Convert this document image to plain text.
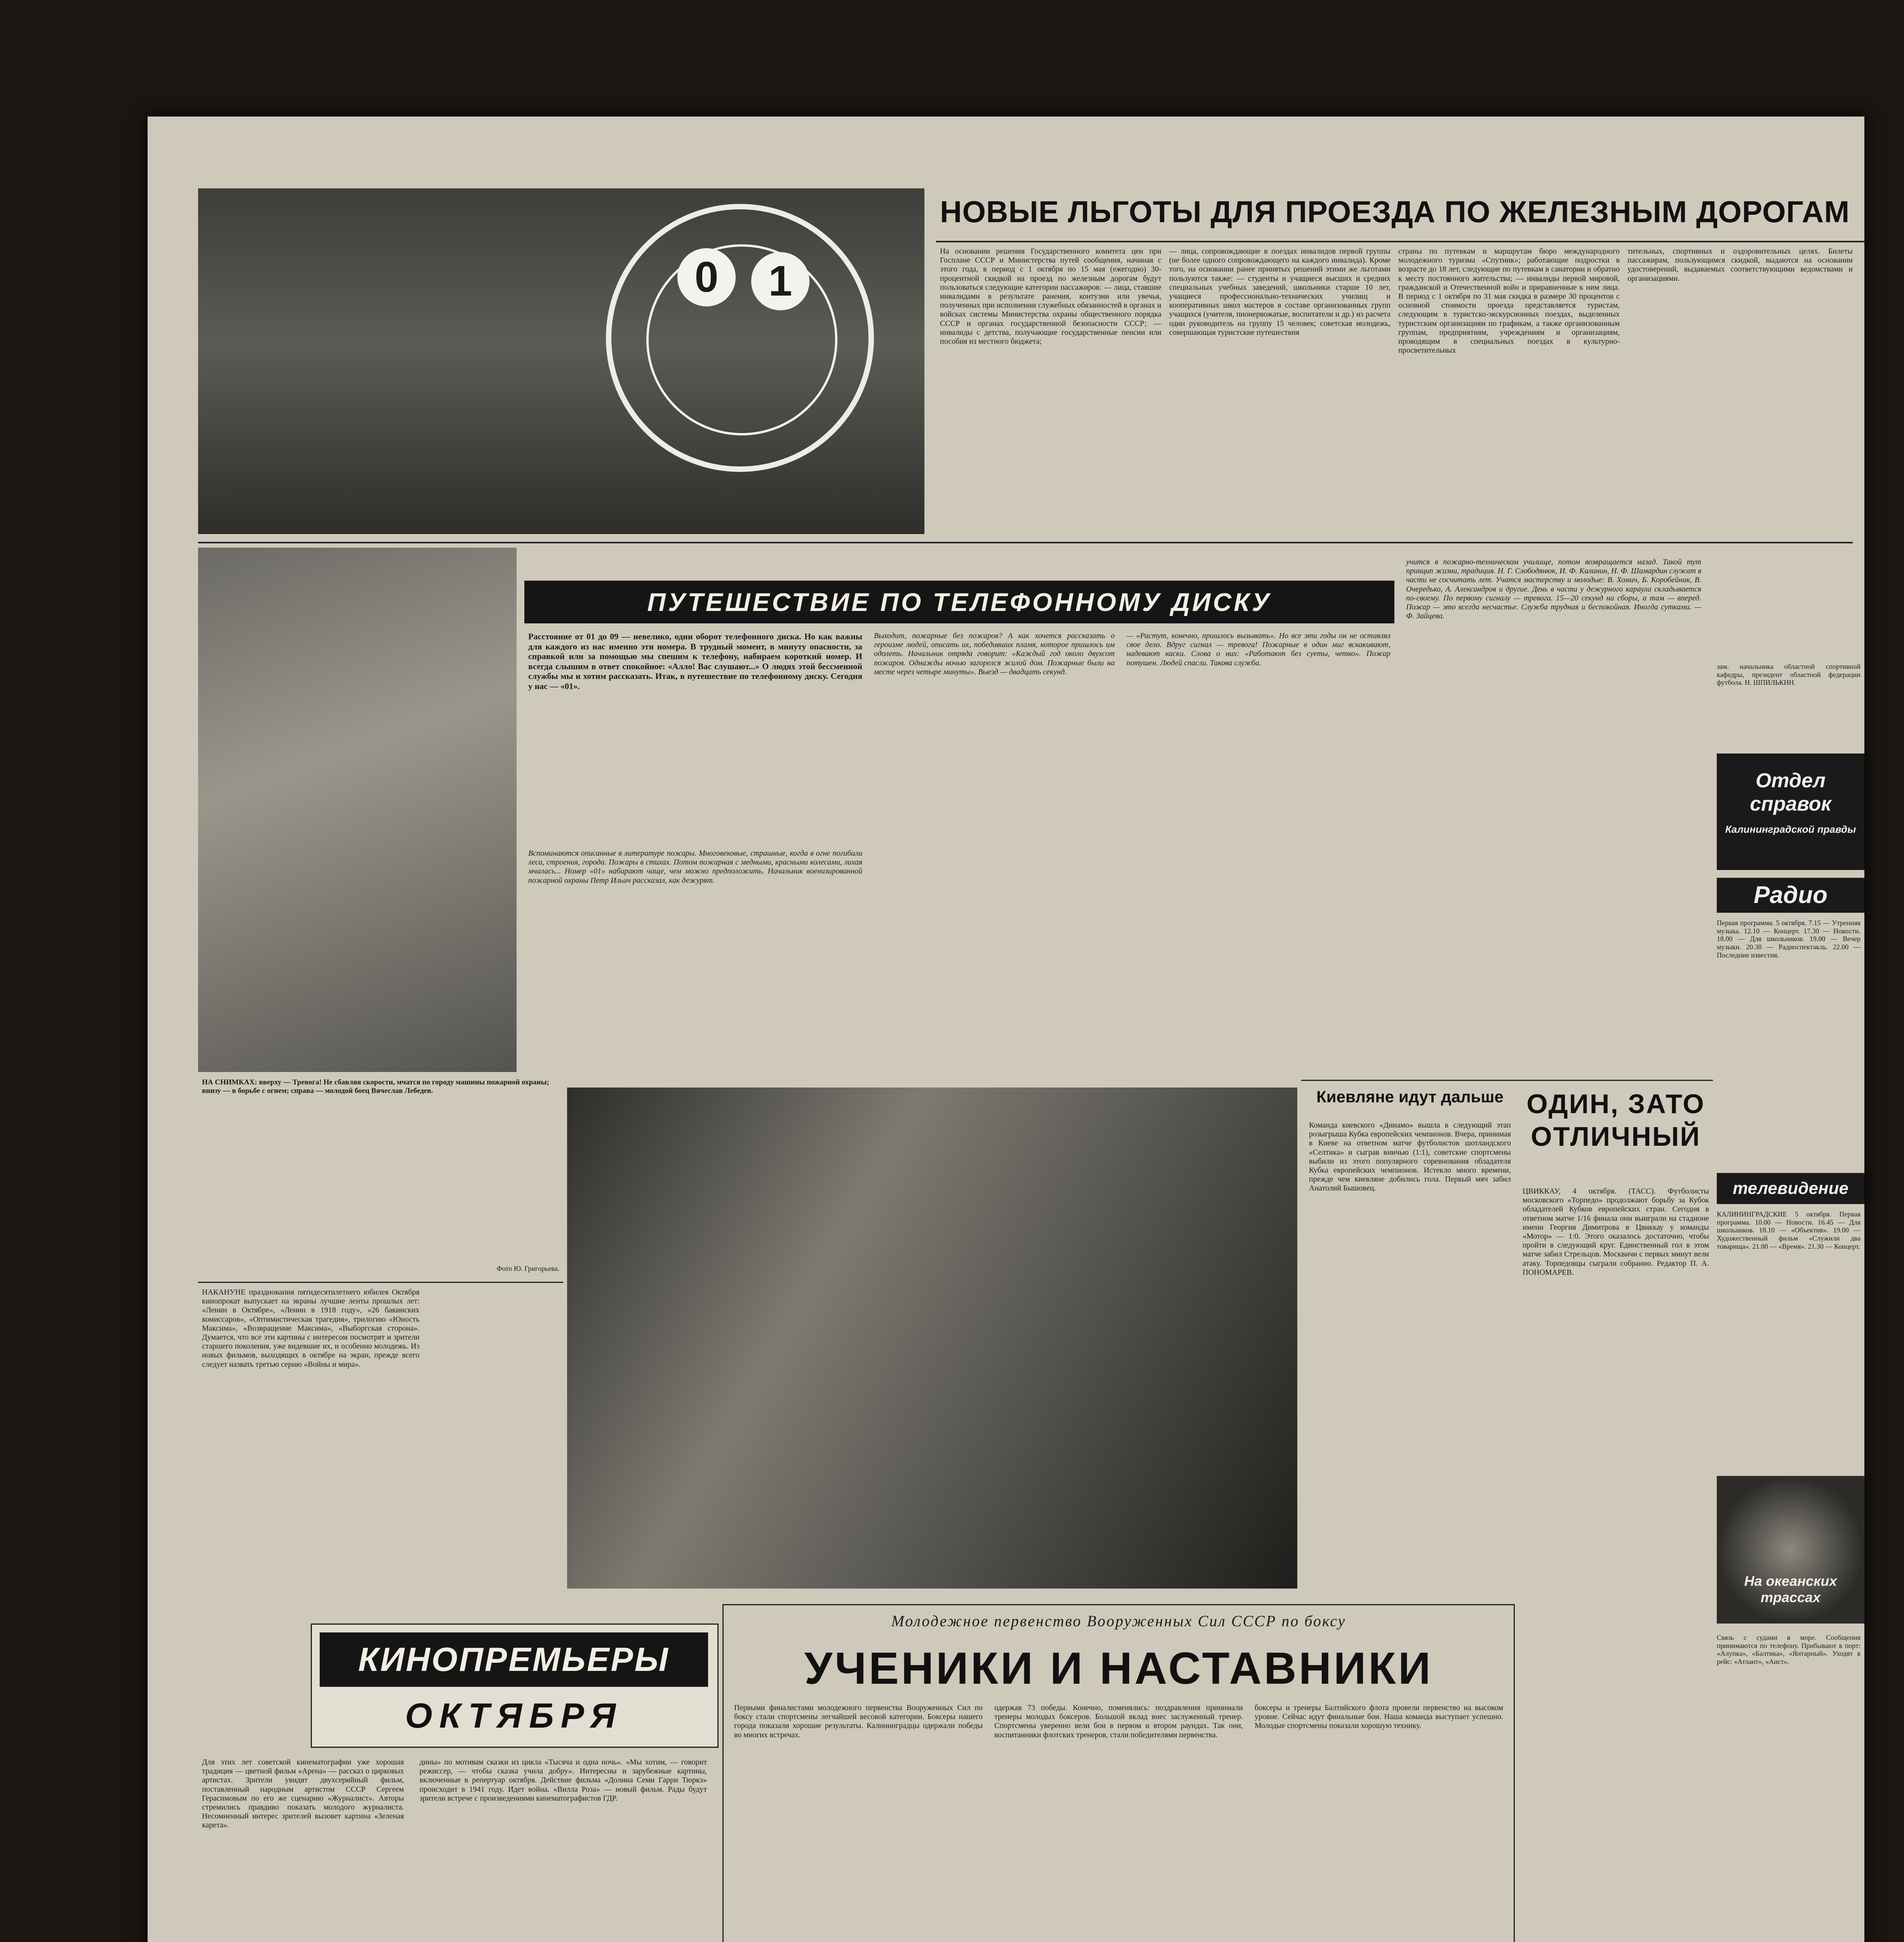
0	1
НОВЫЕ ЛЬГОТЫ ДЛЯ ПРОЕЗДА ПО ЖЕЛЕЗНЫМ ДОРОГАМ
На основании решения Государственного комитета цен при Госплане СССР и Министерства путей сообщения, начиная с этого года, в период с 1 октября по 15 мая (ежегодно) 30-процентной скидкой на проезд по железным дорогам будут пользоваться следующие категории пассажиров: — лица, ставшие инвалидами в результате ранения, контузии или увечья, полученных при исполнении служебных обязанностей в органах и войсках системы Министерства охраны общественного порядка СССР и органах государственной безопасности СССР; — инвалиды с детства, получающие государственные пенсии или пособия из местного бюджета;
— лица, сопровождающие в поездах инвалидов первой группы (не более одного сопровождающего на каждого инвалида). Кроме того, на основании ранее принятых решений этими же льготами пользуются также: — студенты и учащиеся высших и средних специальных учебных заведений, школьники старше 10 лет, учащиеся профессионально-технических училищ и кооперативных школ мастеров в составе организованных групп учащихся (учителя, пионервожатые, воспитатели и др.) из расчета один руководитель на группу 15 человек; советская молодежь, совершающая туристские путешествия
страны по путевкам и маршрутам бюро международного молодежного туризма «Спутник»; работающие подростки в возрасте до 18 лет, следующие по путевкам в санатории и обратно к месту постоянного жительства; — инвалиды первой мировой, гражданской и Отечественной войн и приравненные к ним лица. В период с 1 октября по 31 мая скидка в размере 30 процентов с основной стоимости проезда представляется туристам, следующим в туристско-экскурсионных поездах, выделенных туристским организациям по графикам, а также организованным группам, предприятиям, учреждениям и организациям, проводящим в специальных поездах в культурно-просветительных
тительных, спортивных и оздоровительных целях. Билеты пассажирам, пользующимся скидкой, выдаются на основании удостоверений, выдаваемых соответствующими ведомствами и организациями.
ПУТЕШЕСТВИЕ ПО ТЕЛЕФОННОМУ ДИСКУ
Расстояние от 01 до 09 — невелико, один оборот телефонного диска. Но как важны для каждого из нас именно эти номера. В трудный момент, в минуту опасности, за справкой или за помощью мы спешим к телефону, набираем короткий номер. И всегда слышим в ответ спокойное: «Алло! Вас слушают...» О людях этой бессменной службы мы и хотим рассказать. Итак, в путешествие по телефонному диску. Сегодня у нас — «01».
Вспоминаются описанные в литературе пожары. Многовековые, страшные, когда в огне погибали леса, строения, города. Пожары в стихах. Потом пожарная с медными, красными колесами, лихая мчалась... Номер «01» набирают чаще, чем можно предположить. Начальник военизированной пожарной охраны Петр Ильич рассказал, как дежурят.
Выходит, пожарные без пожаров? А как хочется рассказать о героизме людей, описать их, победивших пламя, которое пришлось им одолеть. Начальник отряда говорит: «Каждый год около двухсот пожаров. Однажды ночью загорелся жилой дом. Пожарные были на месте через четыре минуты». Выезд — двадцать секунд.
— «Растут, конечно, пришлось вызывать». Но все эти годы он не оставлял свое дело. Вдруг сигнал — тревога! Пожарные в один миг вскакивают, надевают каски. Слова о них: «Работают без суеты, четко». Пожар потушен. Людей спасли. Такова служба.
учится в пожарно-техническом училище, потом возвращается назад. Такой тут принцип жизни, традиция. Н. Г. Слободянюк, И. Ф. Калинин, Н. Ф. Шамардин служат в части не сосчитать лет. Учатся мастерству и молодые: В. Хомич, Б. Коробейник, В. Очередько, А. Александров и другие. День в части у дежурного караула складывается по-своему. По первому сигналу — тревога. 15—20 секунд на сборы, а там — вперед. Пожар — это всегда несчастье. Служба трудная и беспокойная. Иногда сутками. — Ф. Зайцева.
НА СНИМКАХ: вверху — Тревога! Не сбавляя скорости, мчатся по городу машины пожарной охраны; внизу — в борьбе с огнем; справа — молодой боец Вячеслав Лебедев.
Фото Ю. Григорьева.
Киевляне идут дальше
Команда киевского «Динамо» вышла в следующий этап розыгрыша Кубка европейских чемпионов. Вчера, принимая в Киеве на ответном матче футболистов шотландского «Селтика» и сыграв вничью (1:1), советские спортсмены выбили из этого популярного соревнования обладателя Кубка европейских чемпионов. Истекло много времени, прежде чем киевляне добились гола. Первый мяч забил Анатолий Бышовец.
ОДИН, ЗАТО ОТЛИЧНЫЙ
ЦВИККАУ, 4 октября. (ТАСС). Футболисты московского «Торпедо» продолжают борьбу за Кубок обладателей Кубков европейских стран. Сегодня в ответном матче 1/16 финала они выиграли на стадионе имени Георгия Димитрова в Цвиккау у команды «Мотор» — 1:0. Этого оказалось достаточно, чтобы пройти в следующий круг. Единственный гол в этом матче забил Стрельцов. Москвичи с первых минут вели атаку. Торпедовцы сыграли собранно. Редактор П. А. ПОНОМАРЕВ.
НАКАНУНЕ празднования пятидесятилетнего юбилея Октября кинопрокат выпускает на экраны лучшие ленты прошлых лет: «Ленин в Октябре», «Ленин в 1918 году», «26 бакинских комиссаров», «Оптимистическая трагедия», трилогию «Юность Максима», «Возвращение Максима», «Выборгская сторона». Думается, что все эти картины с интересом посмотрят и зрители старшего поколения, уже видевшие их, и особенно молодежь. Из новых фильмов, выходящих в октябре на экран, прежде всего следует назвать третью серию «Войны и мира».
КИНОПРЕМЬЕРЫ
ОКТЯБРЯ
Для этих лет советской кинематографии уже хорошая традиция — цветной фильм «Арена» — рассказ о цирковых артистах. Зрители увидят двухсерийный фильм, поставленный народным артистом СССР Сергеем Герасимовым по его же сценарию «Журналист». Авторы стремились правдиво показать молодого журналиста. Несомненный интерес зрителей вызовет картина «Зеленая карета».
дины» по мотивам сказки из цикла «Тысяча и одна ночь». «Мы хотим, — говорит режиссер, — чтобы сказка учила добру». Интересны и зарубежные картины, включенные в репертуар октября. Действие фильма «Долина Семи Гарри Тюркэ» происходит в 1941 году. Идет война. «Вилла Роза» — новый фильм. Рады будут зрители встрече с произведениями кинематографистов ГДР.
Молодежное первенство Вооруженных Сил СССР по боксу
УЧЕНИКИ И НАСТАВНИКИ
Первыми финалистами молодежного первенства Вооруженных Сил по боксу стали спортсмены легчайшей весовой категории. Боксеры нашего города показали хорошие результаты. Калининградцы одержали победы во многих встречах.
одержав 73 победы. Конечно, поменялись: поздравления принимали тренеры молодых боксеров. Большой вклад внес заслуженный тренер. Спортсмены уверенно вели бои в первом и втором раундах. Так они, воспитанники флотских тренеров, стали победителями первенства.
боксеры и тренеры Балтийского флота провели первенство на высоком уровне. Сейчас идут финальные бои. Наша команда выступает успешно. Молодые спортсмены показали хорошую технику.
зам. начальника областной спортивной кафедры, президент областной федерации футбола. Н. ШПИЛЬКИН.
Отдел справок
Калининградской правды
Радио
Первая программа. 5 октября. 7.15 — Утренняя музыка. 12.10 — Концерт. 17.30 — Новости. 18.00 — Для школьников. 19.00 — Вечер музыки. 20.30 — Радиоспектакль. 22.00 — Последние известия.
телевидение
КАЛИНИНГРАДСКИЕ 5 октября. Первая программа. 10.00 — Новости. 16.45 — Для школьников. 18.10 — «Объектив». 19.00 — Художественный фильм «Служили два товарища». 21.00 — «Время». 21.30 — Концерт.
На океанских трассах
Связь с судами в море. Сообщения принимаются по телефону. Прибывают в порт: «Алупка», «Балтика», «Янтарный». Уходят в рейс: «Атлант», «Аист».
